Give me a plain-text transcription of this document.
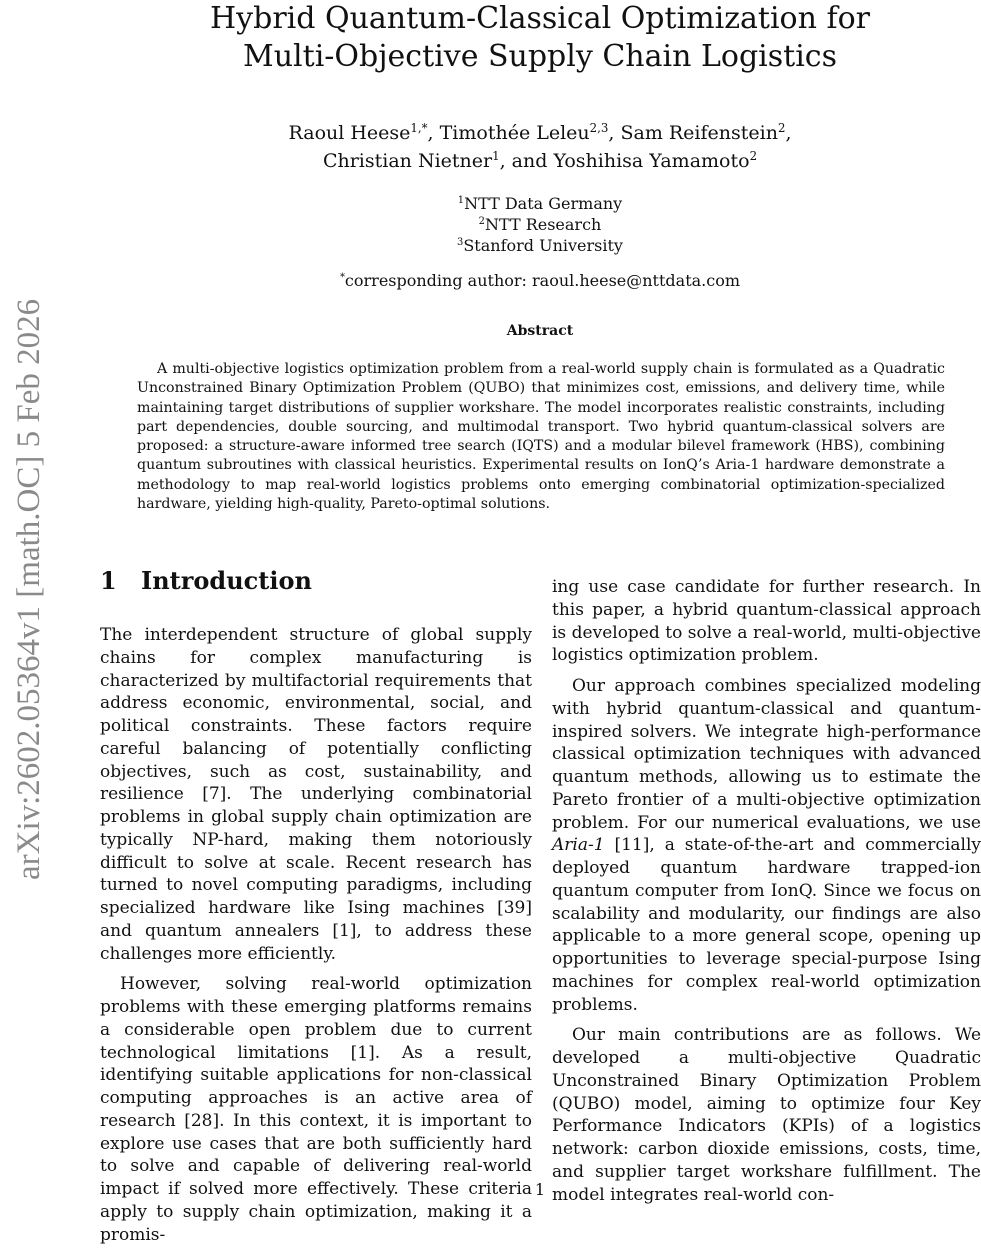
arXiv:2602.05364v1 [math.OC] 5 Feb 2026
Hybrid Quantum-Classical Optimization for
Multi-Objective Supply Chain Logistics
Raoul Heese$^{1,*}$, Timothée Leleu$^{2,3}$, Sam Reifenstein$^2$,
Christian Nietner$^1$, and Yoshihisa Yamamoto$^2$
$^1$NTT Data Germany
$^2$NTT Research
$^3$Stanford University
*corresponding author: raoul.heese@nttdata.com
Abstract

A multi-objective logistics optimization problem from a real-world supply chain is formulated as a Quadratic Unconstrained Binary Optimization Problem (QUBO) that minimizes cost, emissions, and delivery time, while maintaining target distributions of supplier workshare. The model incorporates realistic constraints, including part dependencies, double sourcing, and multimodal transport. Two hybrid quantum-classical solvers are proposed: a structure-aware informed tree search (IQTS) and a modular bilevel framework (HBS), combining quantum subroutines with classical heuristics. Experimental results on IonQ’s Aria-1 hardware demonstrate a methodology to map real-world logistics problems onto emerging combinatorial optimization-specialized hardware, yielding high-quality, Pareto-optimal solutions.

1 Introduction

The interdependent structure of global supply chains for complex manufacturing is characterized by multifactorial requirements that address economic, environmental, social, and political constraints. These factors require careful balancing of potentially conflicting objectives, such as cost, sustainability, and resilience [7]. The underlying combinatorial problems in global supply chain optimization are typically NP-hard, making them notoriously difficult to solve at scale. Recent research has turned to novel computing paradigms, including specialized hardware like Ising machines [39] and quantum annealers [1], to address these challenges more efficiently.

However, solving real-world optimization problems with these emerging platforms remains a considerable open problem due to current technological limitations [1]. As a result, identifying suitable applications for non-classical computing approaches is an active area of research [28]. In this context, it is important to explore use cases that are both sufficiently hard to solve and capable of delivering real-world impact if solved more effectively. These criteria apply to supply chain optimization, making it a promis-

ing use case candidate for further research. In this paper, a hybrid quantum-classical approach is developed to solve a real-world, multi-objective logistics optimization problem.

Our approach combines specialized modeling with hybrid quantum-classical and quantum-inspired solvers. We integrate high-performance classical optimization techniques with advanced quantum methods, allowing us to estimate the Pareto frontier of a multi-objective optimization problem. For our numerical evaluations, we use Aria-1 [11], a state-of-the-art and commercially deployed quantum hardware trapped-ion quantum computer from IonQ. Since we focus on scalability and modularity, our findings are also applicable to a more general scope, opening up opportunities to leverage special-purpose Ising machines for complex real-world optimization problems.

Our main contributions are as follows. We developed a multi-objective Quadratic Unconstrained Binary Optimization Problem (QUBO) model, aiming to optimize four Key Performance Indicators (KPIs) of a logistics network: carbon dioxide emissions, costs, time, and supplier target workshare fulfillment. The model integrates real-world con-

1
